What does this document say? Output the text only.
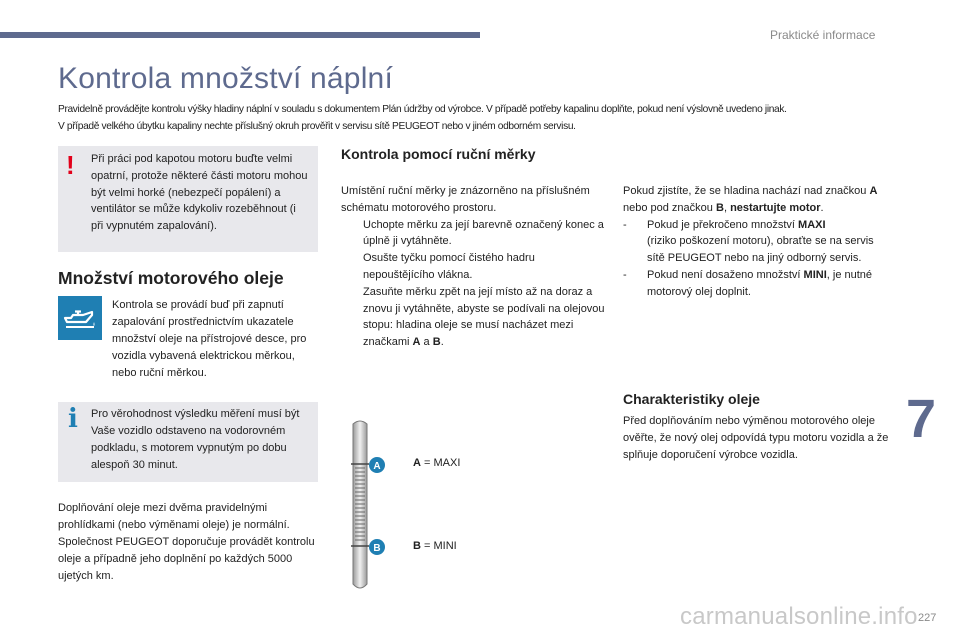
Praktické informace
Kontrola množství náplní
Pravidelně provádějte kontrolu výšky hladiny náplní v souladu s dokumentem Plán údržby od výrobce. V případě potřeby kapalinu doplňte, pokud není výslovně uvedeno jinak.
V případě velkého úbytku kapaliny nechte příslušný okruh prověřit v servisu sítě PEUGEOT nebo v jiném odborném servisu.
! Při práci pod kapotou motoru buďte velmi opatrní, protože některé části motoru mohou být velmi horké (nebezpečí popálení) a ventilátor se může kdykoliv rozeběhnout (i při vypnutém zapalování).
Množství motorového oleje
Kontrola se provádí buď při zapnutí zapalování prostřednictvím ukazatele množství oleje na přístrojové desce, pro vozidla vybavená elektrickou měrkou, nebo ruční měrkou.
i Pro věrohodnost výsledku měření musí být Vaše vozidlo odstaveno na vodorovném podkladu, s motorem vypnutým po dobu alespoň 30 minut.
Doplňování oleje mezi dvěma pravidelnými prohlídkami (nebo výměnami oleje) je normální. Společnost PEUGEOT doporučuje provádět kontrolu oleje a případně jeho doplnění po každých 5000 ujetých km.
Kontrola pomocí ruční měrky
Umístění ruční měrky je znázorněno na příslušném schématu motorového prostoru.
Uchopte měrku za její barevně označený konec a úplně ji vytáhněte.
Osušte tyčku pomocí čistého hadru nepouštějícího vlákna.
Zasuňte měrku zpět na její místo až na doraz a znovu ji vytáhněte, abyste se podívali na olejovou stopu: hladina oleje se musí nacházet mezi značkami A a B.
Pokud zjistíte, že se hladina nachází nad značkou A nebo pod značkou B, nestartujte motor.
-	Pokud je překročeno množství MAXI
(riziko poškození motoru), obraťte se na servis sítě PEUGEOT nebo na jiný odborný servis.
-	Pokud není dosaženo množství MINI, je nutné motorový olej doplnit.
Charakteristiky oleje
Před doplňováním nebo výměnou motorového oleje ověřte, že nový olej odpovídá typu motoru vozidla a že splňuje doporučení výrobce vozidla.
7
A
B
A = MAXI
B = MINI
carmanualsonline.info 227
